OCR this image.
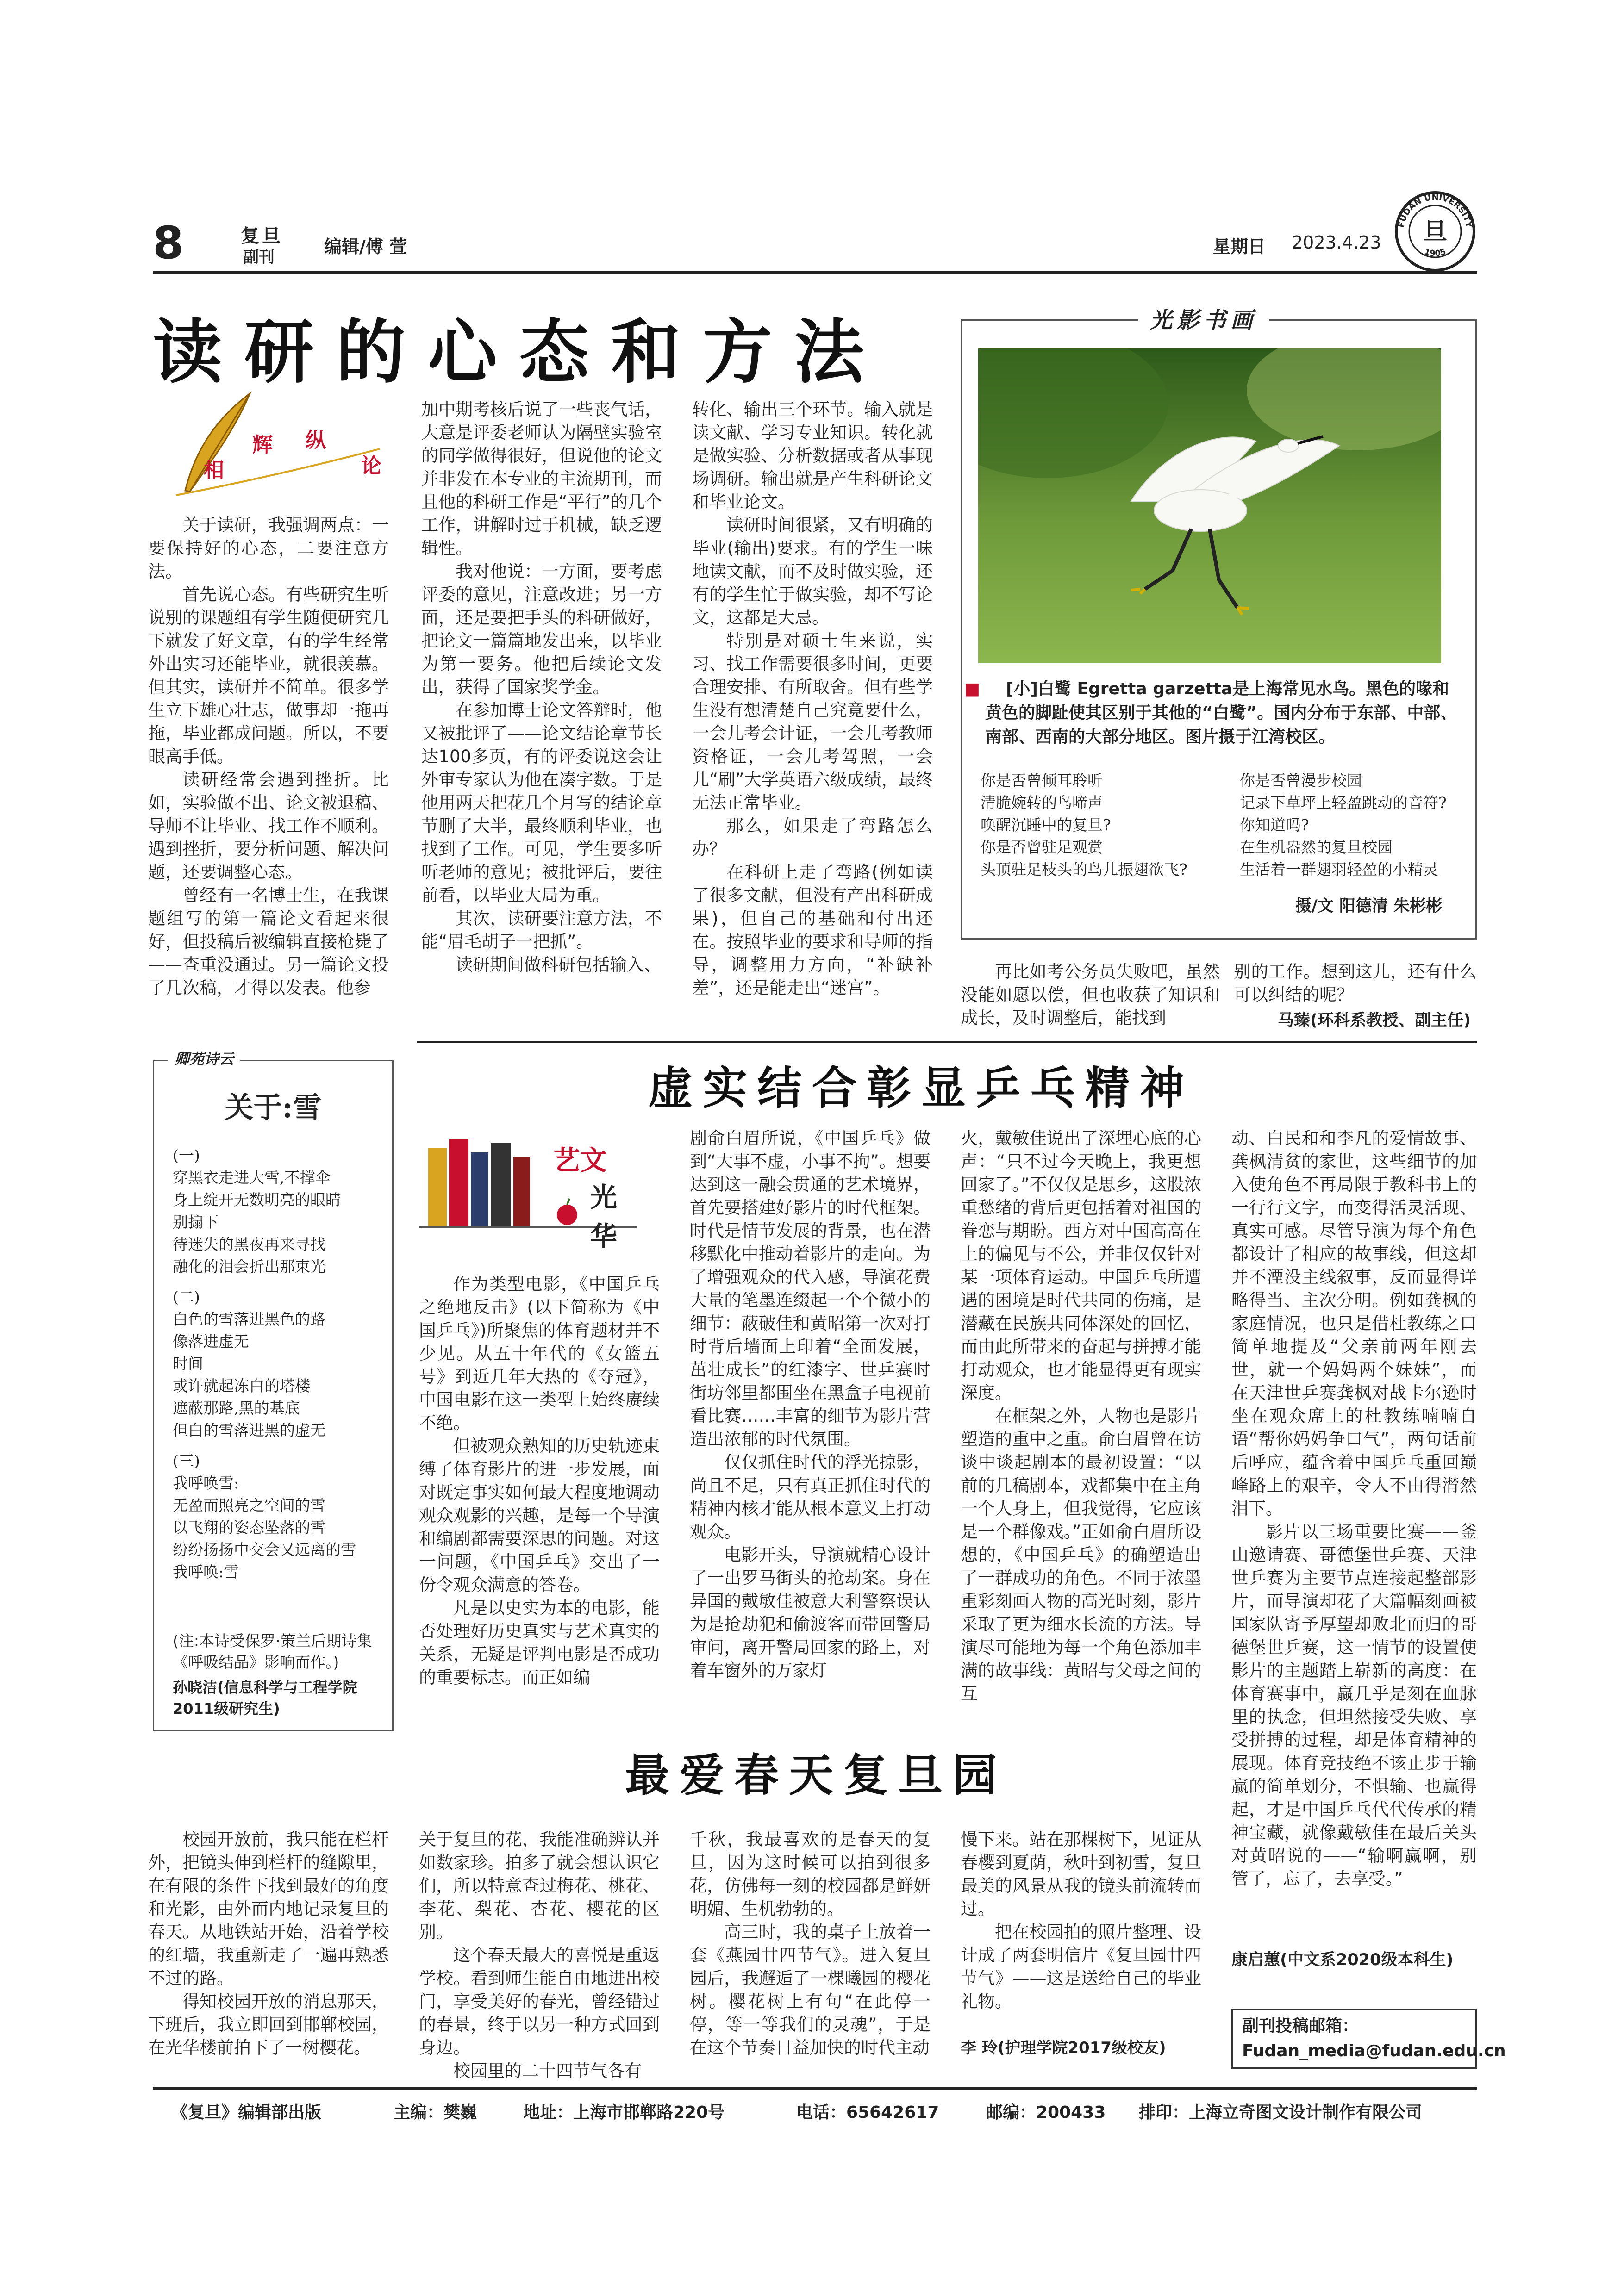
8	复旦
副刊
编辑/傅 萱	星期日 2023.4.23
FUDAN UNIVERSITY
1905
旦
读研的心态和方法
相
辉 纵
论

关于读研，我强调两点：一要保持好的心态，二要注意方法。

首先说心态。有些研究生听说别的课题组有学生随便研究几下就发了好文章，有的学生经常外出实习还能毕业，就很羡慕。但其实，读研并不简单。很多学生立下雄心壮志，做事却一拖再拖，毕业都成问题。所以，不要眼高手低。

读研经常会遇到挫折。比如，实验做不出、论文被退稿、导师不让毕业、找工作不顺利。遇到挫折，要分析问题、解决问题，还要调整心态。

曾经有一名博士生，在我课题组写的第一篇论文看起来很好，但投稿后被编辑直接枪毙了——查重没通过。另一篇论文投了几次稿，才得以发表。他参

加中期考核后说了一些丧气话，大意是评委老师认为隔壁实验室的同学做得很好，但说他的论文并非发在本专业的主流期刊，而且他的科研工作是“平行”的几个工作，讲解时过于机械，缺乏逻辑性。

我对他说：一方面，要考虑评委的意见，注意改进；另一方面，还是要把手头的科研做好，把论文一篇篇地发出来，以毕业为第一要务。他把后续论文发出，获得了国家奖学金。

在参加博士论文答辩时，他又被批评了——论文结论章节长达100多页，有的评委说这会让外审专家认为他在凑字数。于是他用两天把花几个月写的结论章节删了大半，最终顺利毕业，也找到了工作。可见，学生要多听听老师的意见；被批评后，要往前看，以毕业大局为重。

其次，读研要注意方法，不能“眉毛胡子一把抓”。

读研期间做科研包括输入、

转化、输出三个环节。输入就是读文献、学习专业知识。转化就是做实验、分析数据或者从事现场调研。输出就是产生科研论文和毕业论文。

读研时间很紧，又有明确的毕业(输出)要求。有的学生一味地读文献，而不及时做实验，还有的学生忙于做实验，却不写论文，这都是大忌。

特别是对硕士生来说，实习、找工作需要很多时间，更要合理安排、有所取舍。但有些学生没有想清楚自己究竟要什么，一会儿考会计证，一会儿考教师资格证，一会儿考驾照，一会儿“刷”大学英语六级成绩，最终无法正常毕业。

那么，如果走了弯路怎么办？

在科研上走了弯路(例如读了很多文献，但没有产出科研成果)，但自己的基础和付出还在。按照毕业的要求和导师的指导，调整用力方向，“补缺补差”，还是能走出“迷宫”。

再比如考公务员失败吧，虽然没能如愿以偿，但也收获了知识和成长，及时调整后，能找到

别的工作。想到这儿，还有什么可以纠结的呢？

马臻(环科系教授、副主任)
光影书画
■ [小]白鹭 Egretta garzetta是上海常见水鸟。黑色的喙和黄色的脚趾使其区别于其他的“白鹭”。国内分布于东部、中部、南部、西南的大部分地区。图片摄于江湾校区。
你是否曾倾耳聆听
清脆婉转的鸟啼声
唤醒沉睡中的复旦?
你是否曾驻足观赏
头顶驻足枝头的鸟儿振翅欲飞?
你是否曾漫步校园
记录下草坪上轻盈跳动的音符?
你知道吗?
在生机盎然的复旦校园
生活着一群翅羽轻盈的小精灵
摄/文 阳德清 朱彬彬
卿苑诗云
关于:雪
(一)
穿黑衣走进大雪,不撑伞
身上绽开无数明亮的眼睛
别搧下
待迷失的黑夜再来寻找
融化的泪会折出那束光
(二)
白色的雪落进黑色的路
像落进虚无
时间
或许就起冻白的塔楼
遮蔽那路,黑的基底
但白的雪落进黑的虚无
(三)
我呼唤雪:
无盈而照亮之空间的雪
以飞翔的姿态坠落的雪
纷纷扬扬中交会又远离的雪
我呼唤:雪
(注:本诗受保罗·策兰后期诗集《呼吸结晶》影响而作。)
孙晓洁(信息科学与工程学院2011级研究生)
虚实结合彰显乒乓精神
艺文
光华

作为类型电影，《中国乒乓之绝地反击》(以下简称为《中国乒乓》)所聚焦的体育题材并不少见。从五十年代的《女篮五号》到近几年大热的《夺冠》，中国电影在这一类型上始终赓续不绝。

但被观众熟知的历史轨迹束缚了体育影片的进一步发展，面对既定事实如何最大程度地调动观众观影的兴趣，是每一个导演和编剧都需要深思的问题。对这一问题，《中国乒乓》交出了一份令观众满意的答卷。

凡是以史实为本的电影，能否处理好历史真实与艺术真实的关系，无疑是评判电影是否成功的重要标志。而正如编

剧俞白眉所说，《中国乒乓》做到“大事不虚，小事不拘”。想要达到这一融会贯通的艺术境界，首先要搭建好影片的时代框架。时代是情节发展的背景，也在潜移默化中推动着影片的走向。为了增强观众的代入感，导演花费大量的笔墨连缀起一个个微小的细节：蔽破佳和黄昭第一次对打时背后墙面上印着“全面发展，茁壮成长”的红漆字、世乒赛时街坊邻里都围坐在黑盒子电视前看比赛……丰富的细节为影片营造出浓郁的时代氛围。

仅仅抓住时代的浮光掠影，尚且不足，只有真正抓住时代的精神内核才能从根本意义上打动观众。

电影开头，导演就精心设计了一出罗马街头的抢劫案。身在异国的戴敏佳被意大利警察误认为是抢劫犯和偷渡客而带回警局审问，离开警局回家的路上，对着车窗外的万家灯

火，戴敏佳说出了深埋心底的心声：“只不过今天晚上，我更想回家了。”不仅仅是思乡，这股浓重愁绪的背后更包括着对祖国的眷恋与期盼。西方对中国高高在上的偏见与不公，并非仅仅针对某一项体育运动。中国乒乓所遭遇的困境是时代共同的伤痛，是潜藏在民族共同体深处的回忆，而由此所带来的奋起与拼搏才能打动观众，也才能显得更有现实深度。

在框架之外，人物也是影片塑造的重中之重。俞白眉曾在访谈中谈起剧本的最初设置：“以前的几稿剧本，戏都集中在主角一个人身上，但我觉得，它应该是一个群像戏。”正如俞白眉所设想的，《中国乒乓》的确塑造出了一群成功的角色。不同于浓墨重彩刻画人物的高光时刻，影片采取了更为细水长流的方法。导演尽可能地为每一个角色添加丰满的故事线：黄昭与父母之间的互

动、白民和和李凡的爱情故事、龚枫清贫的家世，这些细节的加入使角色不再局限于教科书上的一行行文字，而变得活灵活现、真实可感。尽管导演为每个角色都设计了相应的故事线，但这却并不湮没主线叙事，反而显得详略得当、主次分明。例如龚枫的家庭情况，也只是借杜教练之口简单地提及“父亲前两年刚去世，就一个妈妈两个妹妹”，而在天津世乒赛龚枫对战卡尔逊时坐在观众席上的杜教练喃喃自语“帮你妈妈争口气”，两句话前后呼应，蕴含着中国乒乓重回巅峰路上的艰辛，令人不由得潸然泪下。

影片以三场重要比赛——釜山邀请赛、哥德堡世乒赛、天津世乒赛为主要节点连接起整部影片，而导演却花了大篇幅刻画被国家队寄予厚望却败北而归的哥德堡世乒赛，这一情节的设置使影片的主题踏上崭新的高度：在体育赛事中，赢几乎是刻在血脉里的执念，但坦然接受失败、享受拼搏的过程，却是体育精神的展现。体育竞技绝不该止步于输赢的简单划分，不惧输、也赢得起，才是中国乒乓代代传承的精神宝藏，就像戴敏佳在最后关头对黄昭说的——“输啊赢啊，别管了，忘了，去享受。”

康启蕙(中文系2020级本科生)
最爱春天复旦园

校园开放前，我只能在栏杆外，把镜头伸到栏杆的缝隙里，在有限的条件下找到最好的角度和光影，由外而内地记录复旦的春天。从地铁站开始，沿着学校的红墙，我重新走了一遍再熟悉不过的路。

得知校园开放的消息那天，下班后，我立即回到邯郸校园，在光华楼前拍下了一树樱花。

关于复旦的花，我能准确辨认并如数家珍。拍多了就会想认识它们，所以特意查过梅花、桃花、李花、梨花、杏花、樱花的区别。

这个春天最大的喜悦是重返学校。看到师生能自由地进出校门，享受美好的春光，曾经错过的春景，终于以另一种方式回到身边。

校园里的二十四节气各有

千秋，我最喜欢的是春天的复旦，因为这时候可以拍到很多花，仿佛每一刻的校园都是鲜妍明媚、生机勃勃的。

高三时，我的桌子上放着一套《燕园廿四节气》。进入复旦园后，我邂逅了一棵曦园的樱花树。樱花树上有句“在此停一停，等一等我们的灵魂”，于是在这个节奏日益加快的时代主动

慢下来。站在那棵树下，见证从春樱到夏荫，秋叶到初雪，复旦最美的风景从我的镜头前流转而过。

把在校园拍的照片整理、设计成了两套明信片《复旦园廿四节气》——这是送给自己的毕业礼物。

李 玲(护理学院2017级校友)
副刊投稿邮箱：
Fudan_media@fudan.edu.cn
《复旦》编辑部出版	主编：樊巍	地址：上海市邯郸路220号	电话：65642617	邮编：200433 排印：上海立奇图文设计制作有限公司
